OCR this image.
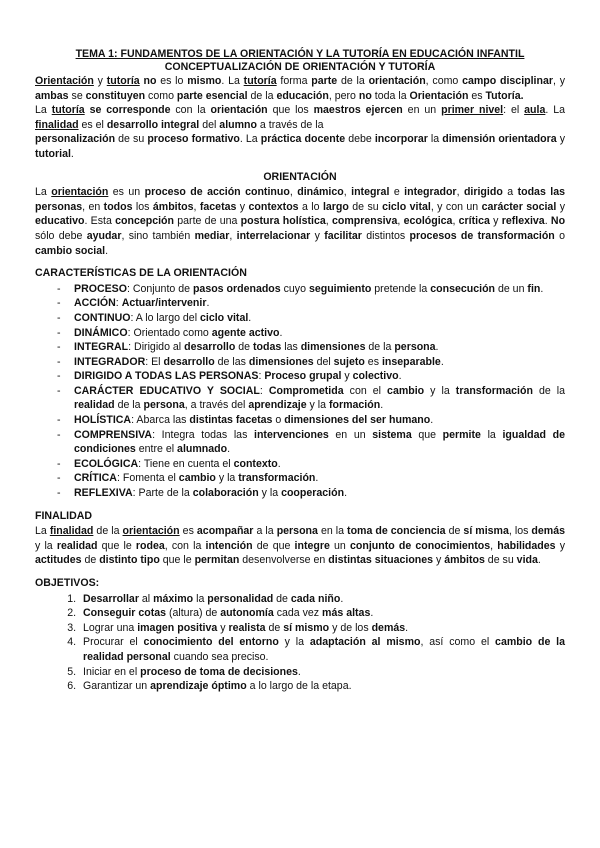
TEMA 1: FUNDAMENTOS DE LA ORIENTACIÓN Y LA TUTORÍA EN EDUCACIÓN INFANTIL
CONCEPTUALIZACIÓN DE ORIENTACIÓN Y TUTORÍA

Orientación y tutoría no es lo mismo. La tutoría forma parte de la orientación, como campo disciplinar, y ambas se constituyen como parte esencial de la educación, pero no toda la Orientación es Tutoría.

La tutoría se corresponde con la orientación que los maestros ejercen en un primer nivel: el aula. La finalidad es el desarrollo integral del alumno a través de la

personalización de su proceso formativo. La práctica docente debe incorporar la dimensión orientadora y tutorial.

ORIENTACIÓN

La orientación es un proceso de acción continuo, dinámico, integral e integrador, dirigido a todas las personas, en todos los ámbitos, facetas y contextos a lo largo de su ciclo vital, y con un carácter social y educativo. Esta concepción parte de una postura holística, comprensiva, ecológica, crítica y reflexiva. No sólo debe ayudar, sino también mediar, interrelacionar y facilitar distintos procesos de transformación o cambio social.

CARACTERÍSTICAS DE LA ORIENTACIÓN
- PROCESO: Conjunto de pasos ordenados cuyo seguimiento pretende la consecución de un fin.
- ACCIÓN: Actuar/intervenir.
- CONTINUO: A lo largo del ciclo vital.
- DINÁMICO: Orientado como agente activo.
- INTEGRAL: Dirigido al desarrollo de todas las dimensiones de la persona.
- INTEGRADOR: El desarrollo de las dimensiones del sujeto es inseparable.
- DIRIGIDO A TODAS LAS PERSONAS: Proceso grupal y colectivo.
- CARÁCTER EDUCATIVO Y SOCIAL: Comprometida con el cambio y la transformación de la realidad de la persona, a través del aprendizaje y la formación.
- HOLÍSTICA: Abarca las distintas facetas o dimensiones del ser humano.
- COMPRENSIVA: Integra todas las intervenciones en un sistema que permite la igualdad de condiciones entre el alumnado.
- ECOLÓGICA: Tiene en cuenta el contexto.
- CRÍTICA: Fomenta el cambio y la transformación.
- REFLEXIVA: Parte de la colaboración y la cooperación.
FINALIDAD

La finalidad de la orientación es acompañar a la persona en la toma de conciencia de sí misma, los demás y la realidad que le rodea, con la intención de que integre un conjunto de conocimientos, habilidades y actitudes de distinto tipo que le permitan desenvolverse en distintas situaciones y ámbitos de su vida.

OBJETIVOS:
1. Desarrollar al máximo la personalidad de cada niño.
2. Conseguir cotas (altura) de autonomía cada vez más altas.
3. Lograr una imagen positiva y realista de sí mismo y de los demás.
4. Procurar el conocimiento del entorno y la adaptación al mismo, así como el cambio de la realidad personal cuando sea preciso.
5. Iniciar en el proceso de toma de decisiones.
6. Garantizar un aprendizaje óptimo a lo largo de la etapa.
